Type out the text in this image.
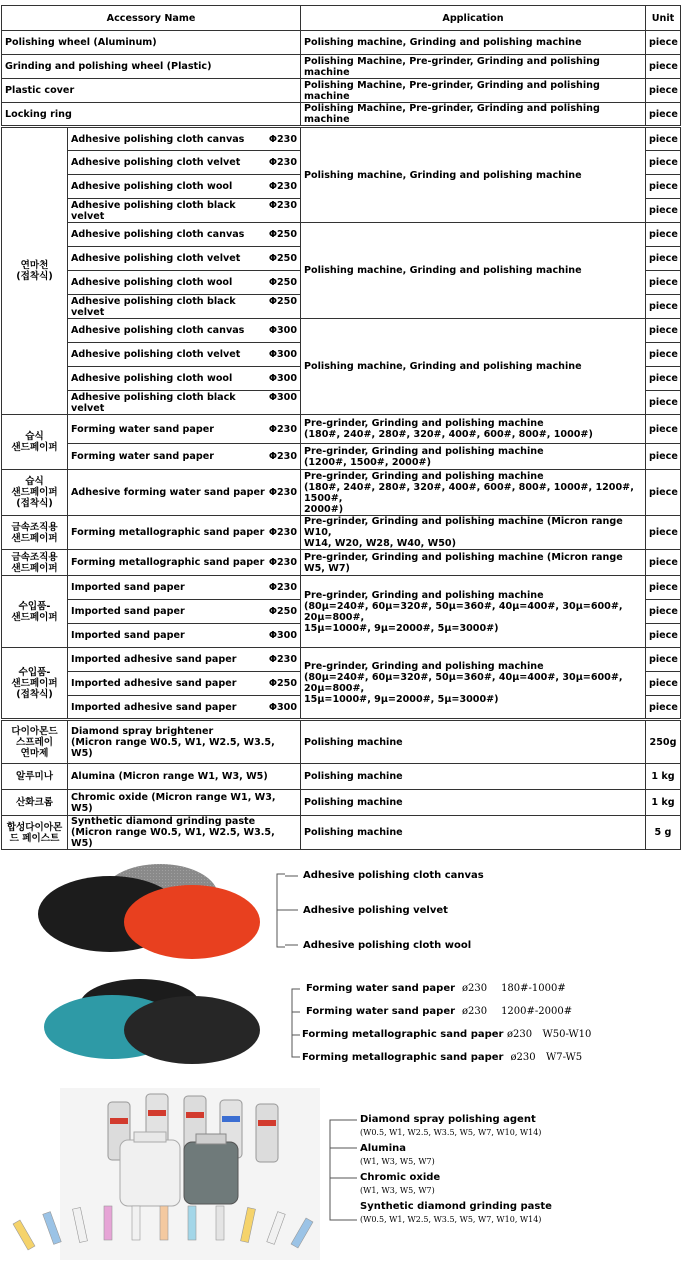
Accessory Name		Application	Unit
Polishing wheel (Aluminum)		Polishing machine, Grinding and polishing machine	piece
Grinding and polishing wheel (Plastic)		Polishing Machine, Pre-grinder, Grinding and polishing machine	piece
Plastic cover		Polishing Machine, Pre-grinder, Grinding and polishing machine	piece
Locking ring		Polishing Machine, Pre-grinder, Grinding and polishing machine	piece
연마천
(접착식)	Adhesive polishing cloth canvas Φ230	Polishing machine, Grinding and polishing machine	piece

	Adhesive polishing cloth velvet Φ230		piece

	Adhesive polishing cloth wool Φ230		piece

	Adhesive polishing cloth black velvet
Φ230		piece

	Adhesive polishing cloth canvas Φ250	Polishing machine, Grinding and polishing machine	piece

	Adhesive polishing cloth velvet Φ250		piece

	Adhesive polishing cloth wool Φ250		piece

	Adhesive polishing cloth black velvet
Φ250		piece

	Adhesive polishing cloth canvas Φ300	Polishing machine, Grinding and polishing machine	piece

	Adhesive polishing cloth velvet Φ300		piece

	Adhesive polishing cloth wool Φ300		piece

	Adhesive polishing cloth black velvet
Φ300		piece
습식
샌드페이퍼	Forming water sand paper Φ230	Pre-grinder, Grinding and polishing machine
(180#, 240#, 280#, 320#, 400#, 600#, 800#, 1000#)	piece

	Forming water sand paper Φ230	Pre-grinder, Grinding and polishing machine
(1200#, 1500#, 2000#)	piece
습식
샌드페이퍼
(접착식)	Adhesive forming water sand paper Φ230	Pre-grinder, Grinding and polishing machine
(180#, 240#, 280#, 320#, 400#, 600#, 800#, 1000#, 1200#, 1500#,
2000#)	piece
금속조직용
샌드페이퍼	Forming metallographic sand paper Φ230	Pre-grinder, Grinding and polishing machine (Micron range W10,
W14, W20, W28, W40, W50)	piece
금속조직용
샌드페이퍼	Forming metallographic sand paper Φ230	Pre-grinder, Grinding and polishing machine (Micron range W5, W7)	piece
수입품-
샌드페이퍼	Imported sand paper Φ230	Pre-grinder, Grinding and polishing machine
(80μ=240#, 60μ=320#, 50μ=360#, 40μ=400#, 30μ=600#, 20μ=800#,
15μ=1000#, 9μ=2000#, 5μ=3000#)	piece

	Imported sand paper Φ250		piece

	Imported sand paper Φ300		piece
수입품-
샌드페이퍼
(접착식)	Imported adhesive sand paper Φ230	Pre-grinder, Grinding and polishing machine
(80μ=240#, 60μ=320#, 50μ=360#, 40μ=400#, 30μ=600#, 20μ=800#,
15μ=1000#, 9μ=2000#, 5μ=3000#)	piece

	Imported adhesive sand paper Φ250		piece

	Imported adhesive sand paper Φ300		piece
다이아몬드
스프레이
연마제	Diamond spray brightener
(Micron range W0.5, W1, W2.5, W3.5, W5)	Polishing machine	250g
알루미나	Alumina (Micron range W1, W3, W5)	Polishing machine	1 kg
산화크롬	Chromic oxide (Micron range W1, W3, W5)	Polishing machine	1 kg
합성다이아몬
드 페이스트	Synthetic diamond grinding paste
(Micron range W0.5, W1, W2.5, W3.5, W5)	Polishing machine	5 g
Adhesive polishing cloth canvas
Adhesive polishing velvet
Adhesive polishing cloth wool
Forming water sand paper ø230 180#-1000#
Forming water sand paper ø230 1200#-2000#
Forming metallographic sand paper ø230 W50-W10
Forming metallographic sand paper ø230 W7-W5
Diamond spray polishing agent
(W0.5, W1, W2.5, W3.5, W5, W7, W10, W14)
Alumina
(W1, W3, W5, W7)
Chromic oxide
(W1, W3, W5, W7)
Synthetic diamond grinding paste
(W0.5, W1, W2.5, W3.5, W5, W7, W10, W14)
